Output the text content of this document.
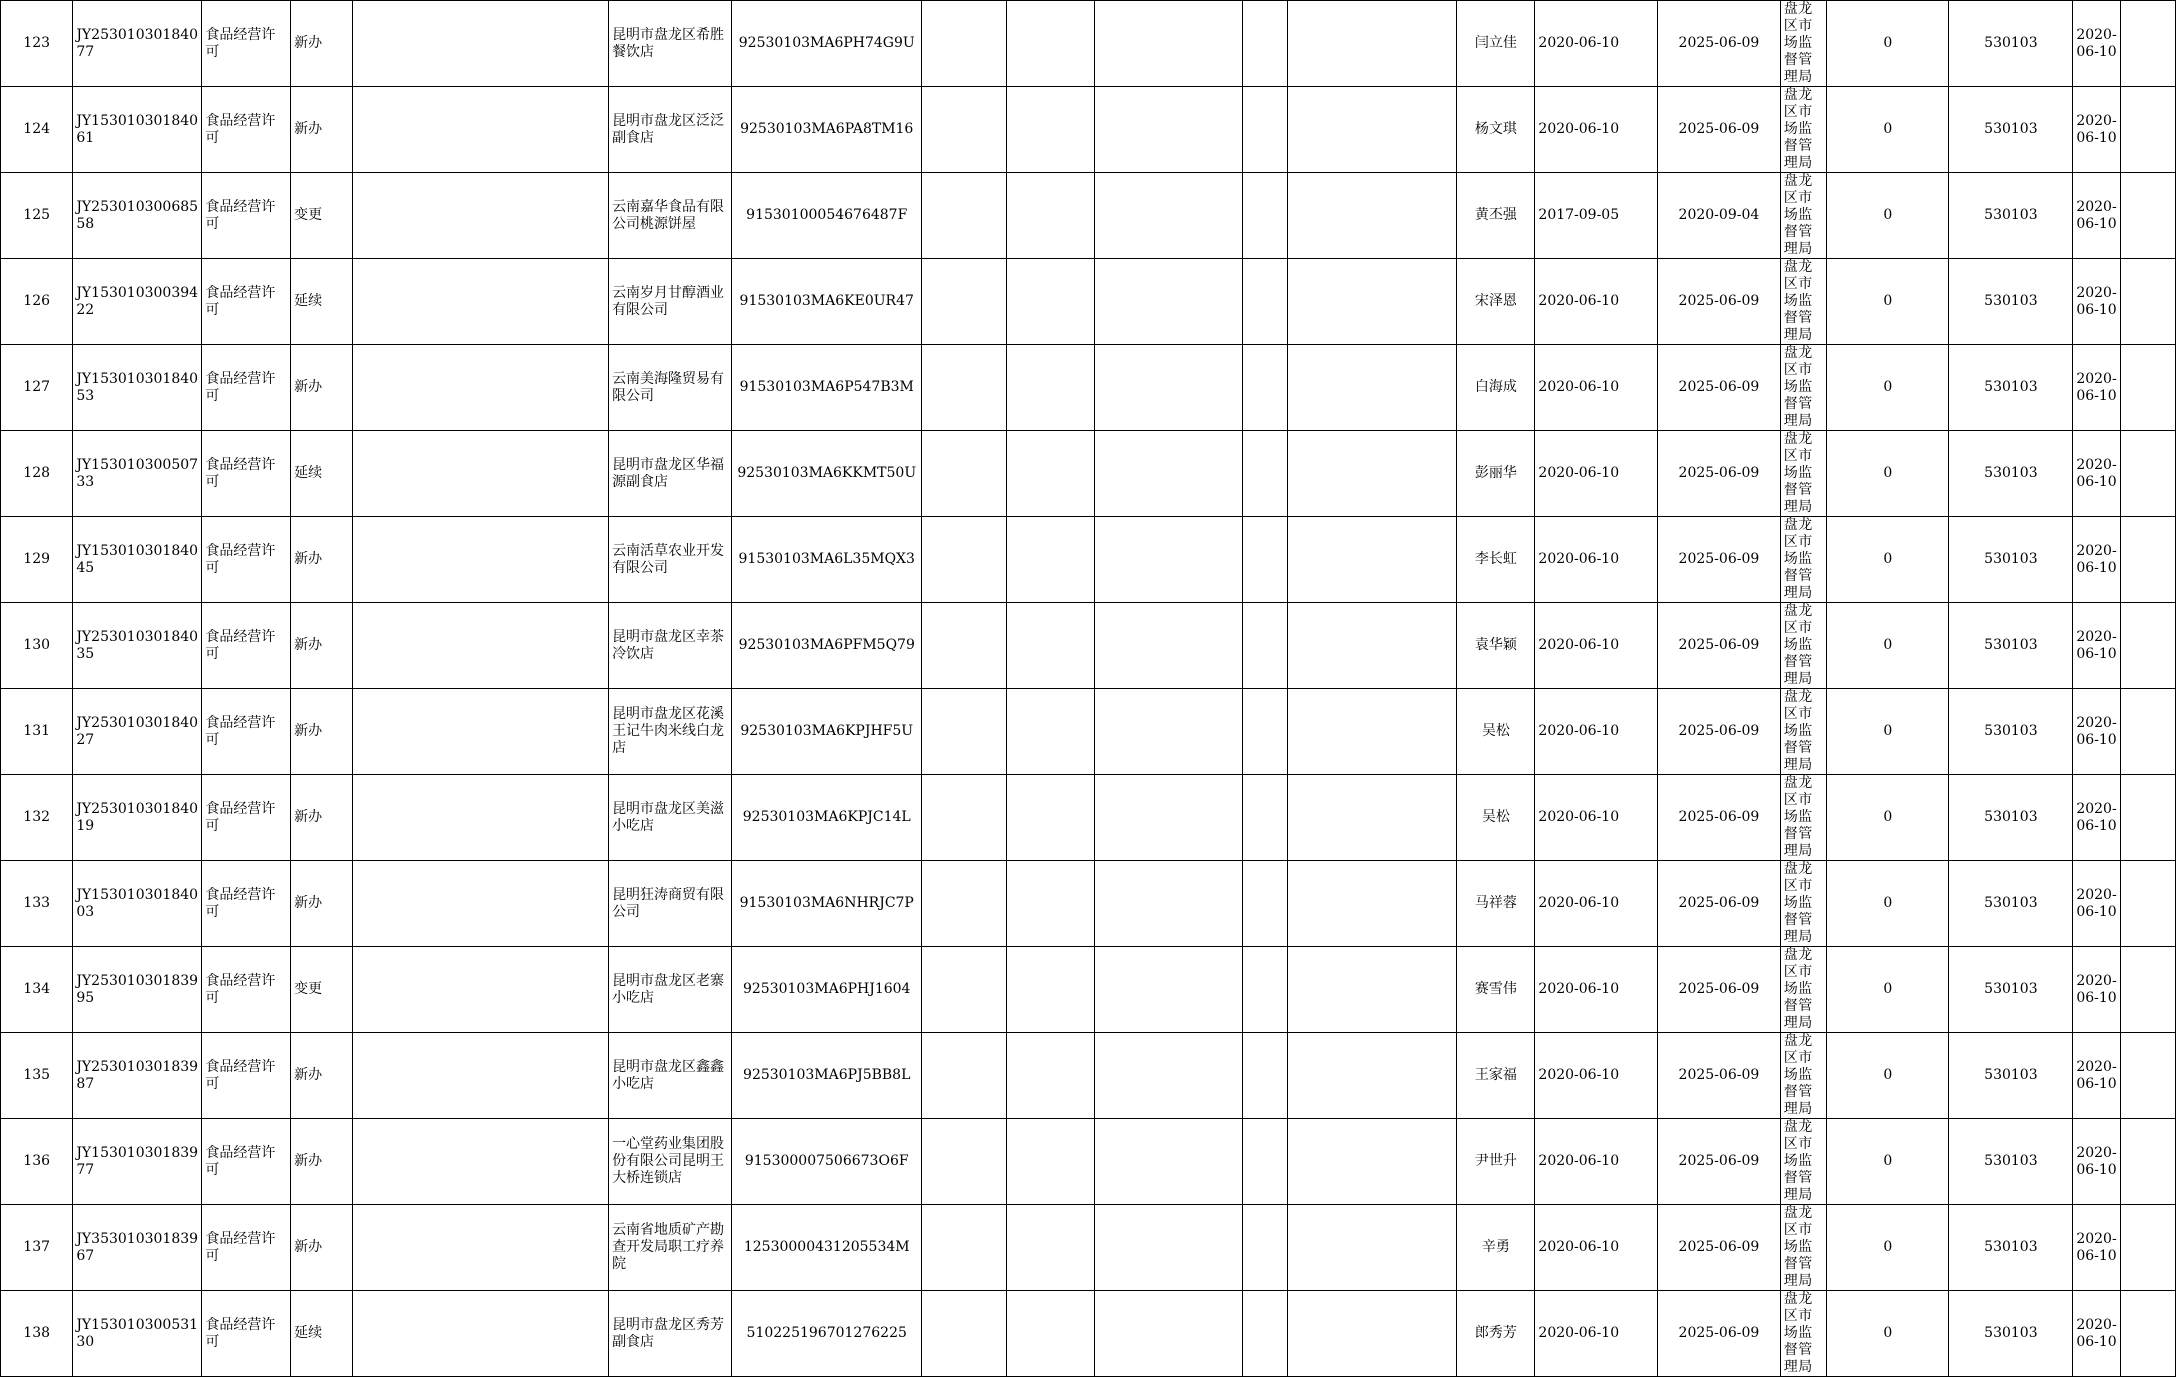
123	JY25301030184077	食品经营许可	新办		昆明市盘龙区希胜餐饮店	92530103MA6PH74G9U						闫立佳	2020-06-10	2025-06-09	盘龙区市场监督管理局	0	530103	2020-06-10	
124	JY15301030184061	食品经营许可	新办		昆明市盘龙区泛泛副食店	92530103MA6PA8TM16						杨文琪	2020-06-10	2025-06-09	盘龙区市场监督管理局	0	530103	2020-06-10	
125	JY25301030068558	食品经营许可	变更		云南嘉华食品有限公司桃源饼屋	91530100054676487F						黄丕强	2017-09-05	2020-09-04	盘龙区市场监督管理局	0	530103	2020-06-10	
126	JY15301030039422	食品经营许可	延续		云南岁月甘醇酒业有限公司	91530103MA6KE0UR47						宋泽恩	2020-06-10	2025-06-09	盘龙区市场监督管理局	0	530103	2020-06-10	
127	JY15301030184053	食品经营许可	新办		云南美海隆贸易有限公司	91530103MA6P547B3M						白海成	2020-06-10	2025-06-09	盘龙区市场监督管理局	0	530103	2020-06-10	
128	JY15301030050733	食品经营许可	延续		昆明市盘龙区华福源副食店	92530103MA6KKMT50U						彭丽华	2020-06-10	2025-06-09	盘龙区市场监督管理局	0	530103	2020-06-10	
129	JY15301030184045	食品经营许可	新办		云南活草农业开发有限公司	91530103MA6L35MQX3						李长虹	2020-06-10	2025-06-09	盘龙区市场监督管理局	0	530103	2020-06-10	
130	JY25301030184035	食品经营许可	新办		昆明市盘龙区幸茶冷饮店	92530103MA6PFM5Q79						袁华颖	2020-06-10	2025-06-09	盘龙区市场监督管理局	0	530103	2020-06-10	
131	JY25301030184027	食品经营许可	新办		昆明市盘龙区花溪王记牛肉米线白龙店	92530103MA6KPJHF5U						吴松	2020-06-10	2025-06-09	盘龙区市场监督管理局	0	530103	2020-06-10	
132	JY25301030184019	食品经营许可	新办		昆明市盘龙区美滋小吃店	92530103MA6KPJC14L						吴松	2020-06-10	2025-06-09	盘龙区市场监督管理局	0	530103	2020-06-10	
133	JY15301030184003	食品经营许可	新办		昆明狂涛商贸有限公司	91530103MA6NHRJC7P						马祥蓉	2020-06-10	2025-06-09	盘龙区市场监督管理局	0	530103	2020-06-10	
134	JY25301030183995	食品经营许可	变更		昆明市盘龙区老寨小吃店	92530103MA6PHJ1604						赛雪伟	2020-06-10	2025-06-09	盘龙区市场监督管理局	0	530103	2020-06-10	
135	JY25301030183987	食品经营许可	新办		昆明市盘龙区鑫鑫小吃店	92530103MA6PJ5BB8L						王家福	2020-06-10	2025-06-09	盘龙区市场监督管理局	0	530103	2020-06-10	
136	JY15301030183977	食品经营许可	新办		一心堂药业集团股份有限公司昆明王大桥连锁店	915300007506673O6F						尹世升	2020-06-10	2025-06-09	盘龙区市场监督管理局	0	530103	2020-06-10	
137	JY35301030183967	食品经营许可	新办		云南省地质矿产勘查开发局职工疗养院	12530000431205534M						辛勇	2020-06-10	2025-06-09	盘龙区市场监督管理局	0	530103	2020-06-10	
138	JY15301030053130	食品经营许可	延续		昆明市盘龙区秀芳副食店	510225196701276225						郎秀芳	2020-06-10	2025-06-09	盘龙区市场监督管理局	0	530103	2020-06-10	
